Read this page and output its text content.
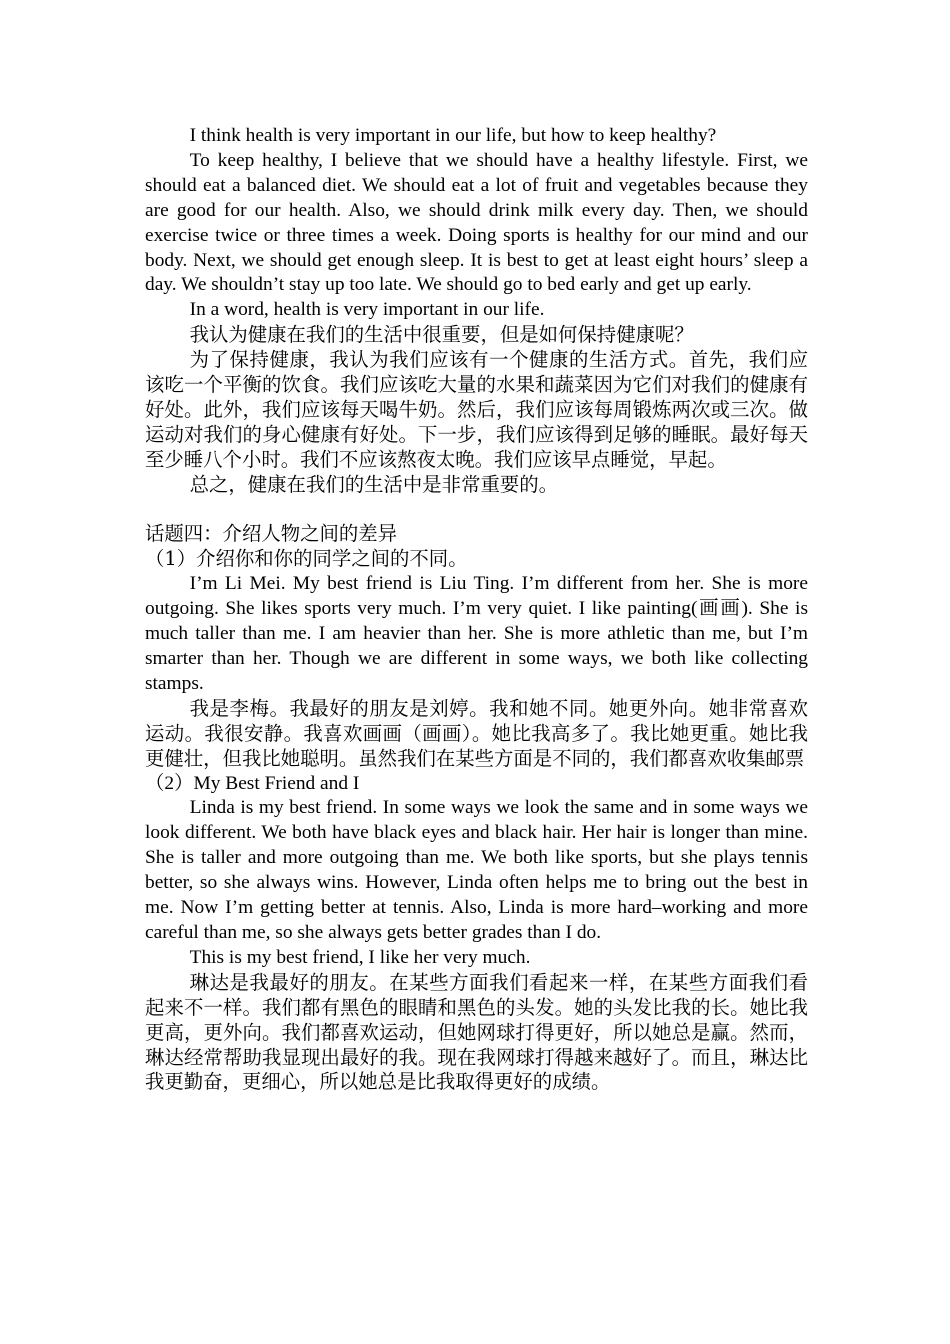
I think health is very important in our life, but how to keep healthy?

To keep healthy, I believe that we should have a healthy lifestyle. First, we should eat a balanced diet. We should eat a lot of fruit and vegetables because they are good for our health. Also, we should drink milk every day. Then, we should exercise twice or three times a week. Doing sports is healthy for our mind and our body. Next, we should get enough sleep. It is best to get at least eight hours’ sleep a day. We shouldn’t stay up too late. We should go to bed early and get up early.

In a word, health is very important in our life.

我认为健康在我们的生活中很重要，但是如何保持健康呢？

为了保持健康，我认为我们应该有一个健康的生活方式。首先，我们应该吃一个平衡的饮食。我们应该吃大量的水果和蔬菜因为它们对我们的健康有好处。此外，我们应该每天喝牛奶。然后，我们应该每周锻炼两次或三次。做运动对我们的身心健康有好处。下一步，我们应该得到足够的睡眠。最好每天至少睡八个小时。我们不应该熬夜太晚。我们应该早点睡觉，早起。

总之，健康在我们的生活中是非常重要的。

话题四：介绍人物之间的差异

（1）介绍你和你的同学之间的不同。

I’m Li Mei. My best friend is Liu Ting. I’m different from her. She is more outgoing. She likes sports very much. I’m very quiet. I like painting(画画). She is much taller than me. I am heavier than her. She is more athletic than me, but I’m smarter than her. Though we are different in some ways, we both like collecting stamps.

我是李梅。我最好的朋友是刘婷。我和她不同。她更外向。她非常喜欢运动。我很安静。我喜欢画画（画画）。她比我高多了。我比她更重。她比我更健壮，但我比她聪明。虽然我们在某些方面是不同的，我们都喜欢收集邮票

（2）My Best Friend and I

Linda is my best friend. In some ways we look the same and in some ways we look different. We both have black eyes and black hair. Her hair is longer than mine. She is taller and more outgoing than me. We both like sports, but she plays tennis better, so she always wins. However, Linda often helps me to bring out the best in me. Now I’m getting better at tennis. Also, Linda is more hard–working and more careful than me, so she always gets better grades than I do.

This is my best friend, I like her very much.

琳达是我最好的朋友。在某些方面我们看起来一样，在某些方面我们看起来不一样。我们都有黑色的眼睛和黑色的头发。她的头发比我的长。她比我更高，更外向。我们都喜欢运动，但她网球打得更好，所以她总是赢。然而，琳达经常帮助我显现出最好的我。现在我网球打得越来越好了。而且，琳达比我更勤奋，更细心，所以她总是比我取得更好的成绩。
